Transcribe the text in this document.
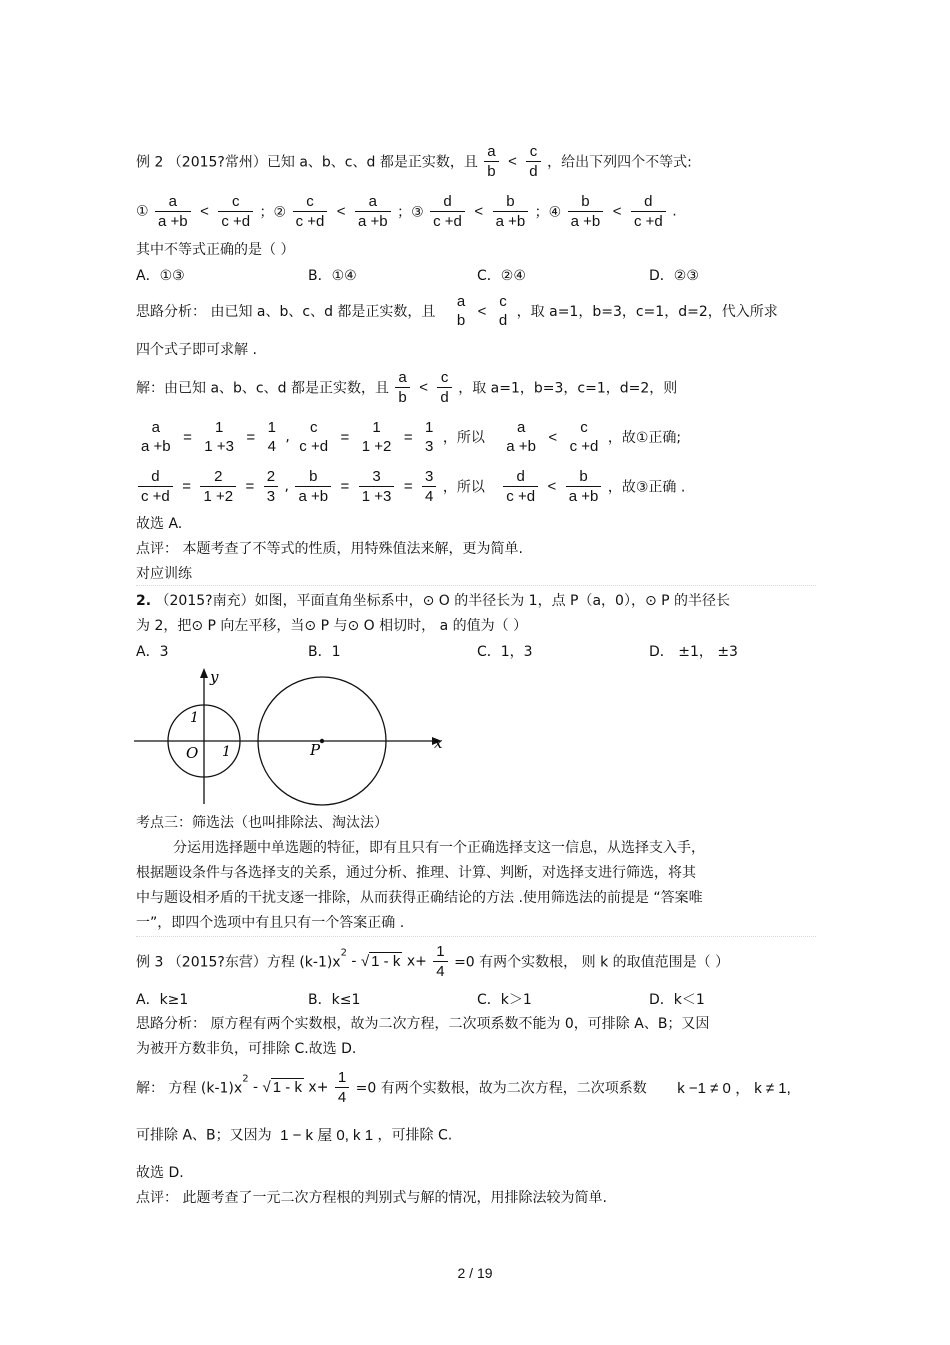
例 2 （2015?常州）已知 a、b、c、d 都是正实数，且 $\frac{a}{b} < \frac{c}{d}$ ，给出下列四个不等式:
① $\frac{a}{a +b} < \frac{c}{c +d}$ ；② $\frac{c}{c +d} < \frac{a}{a +b}$ ；③ $\frac{d}{c +d} < \frac{b}{a +b}$ ；④ $\frac{b}{a +b} < \frac{d}{c +d}$ .
其中不等式正确的是（ ）
A．①③	B．①④	C．②④	D．②③
思路分析： 由已知 a、b、c、d 都是正实数，且
a
b
<
c
d ，取 a=1，b=3，c=1，d=2，代入所求
四个式子即可求解 .
解：由已知 a、b、c、d 都是正实数，且 $\frac{a}{b} < \frac{c}{d}$ ，取 a=1，b=3，c=1，d=2，则
a
a +b
=
1
1 +3
=
1
4
,
c
c +d
=
1
1 +2
=
1
3 ，所以
a
a +b
<
c
c +d ，故①正确;
$\frac{d}{c +d} = \frac{2}{1 +2} = \frac{2}{3}$ , $\frac{b}{a +b} = \frac{3}{1 +3} = \frac{3}{4}$ ，所以 $\frac{d}{c +d} < \frac{b}{a +b}$ ，故③正确 .
故选 A.
点评： 本题考查了不等式的性质，用特殊值法来解，更为简单.
对应训练
2. （2015?南充）如图，平面直角坐标系中，⊙ O 的半径长为 1，点 P（a，0），⊙ P 的半径长
为 2，把⊙ P 向左平移，当⊙ P 与⊙ O 相切时， a 的值为（ ）
A．3	B．1	C．1，3	D． ±1， ±3
y
x
1
1
O	P
考点三：筛选法（也叫排除法、淘汰法）
分运用选择题中单选题的特征，即有且只有一个正确选择支这一信息，从选择支入手，
根据题设条件与各选择支的关系，通过分析、推理、计算、判断，对选择支进行筛选，将其
中与题设相矛盾的干扰支逐一排除，从而获得正确结论的方法 .使用筛选法的前提是 “答案唯
一”，即四个选项中有且只有一个答案正确 .
例 3 （2015?东营）方程 $(k-1)x^2$ - √ 1 - k $x+ \frac{1}{4} =0$ 有两个实数根， 则 k 的取值范围是（ ）
A．k≥1	B．k≤1	C．k＞1	D．k＜1
思路分析： 原方程有两个实数根，故为二次方程，二次项系数不能为 0，可排除 A、B；又因
为被开方数非负，可排除 C.故选 D.
解： 方程 $(k-1)x^2$ - √ 1 - k $x+ \frac{1}{4} =0$ 有两个实数根，故为二次方程，二次项系数 k −1 ≠ 0 ， k ≠ 1,
可排除 A、B；又因为 1 − k 屋 0, k 1 ，可排除 C.
故选 D.
点评： 此题考查了一元二次方程根的判别式与解的情况，用排除法较为简单.
2 / 19
